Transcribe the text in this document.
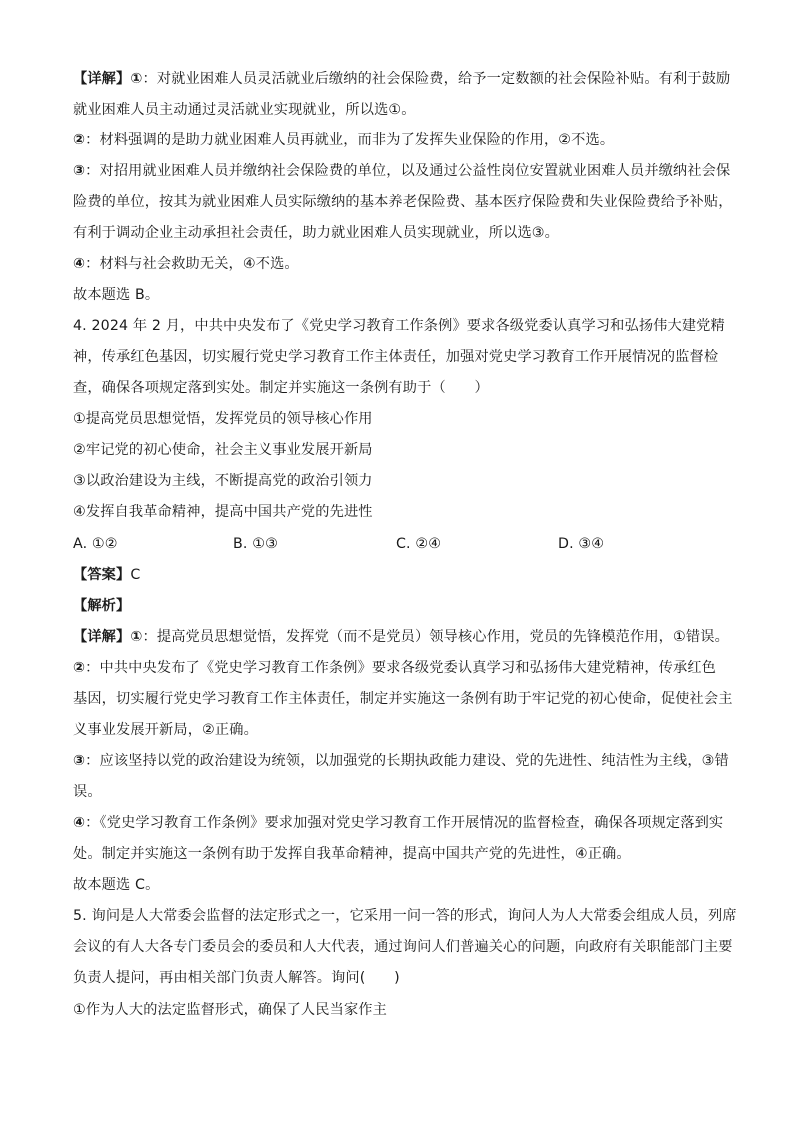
【详解】①：对就业困难人员灵活就业后缴纳的社会保险费，给予一定数额的社会保险补贴。有利于鼓励

就业困难人员主动通过灵活就业实现就业，所以选①。

②：材料强调的是助力就业困难人员再就业，而非为了发挥失业保险的作用，②不选。

③：对招用就业困难人员并缴纳社会保险费的单位，以及通过公益性岗位安置就业困难人员并缴纳社会保

险费的单位，按其为就业困难人员实际缴纳的基本养老保险费、基本医疗保险费和失业保险费给予补贴，

有利于调动企业主动承担社会责任，助力就业困难人员实现就业，所以选③。

④：材料与社会救助无关，④不选。

故本题选 B。

4. 2024 年 2 月，中共中央发布了《党史学习教育工作条例》要求各级党委认真学习和弘扬伟大建党精

神，传承红色基因，切实履行党史学习教育工作主体责任，加强对党史学习教育工作开展情况的监督检

查，确保各项规定落到实处。制定并实施这一条例有助于（　　）

①提高党员思想觉悟，发挥党员的领导核心作用

②牢记党的初心使命，社会主义事业发展开新局

③以政治建设为主线，不断提高党的政治引领力

④发挥自我革命精神，提高中国共产党的先进性

A. ①②	B. ①③	C. ②④	D. ③④

【答案】C

【解析】

【详解】①：提高党员思想觉悟，发挥党（而不是党员）领导核心作用，党员的先锋模范作用，①错误。

②：中共中央发布了《党史学习教育工作条例》要求各级党委认真学习和弘扬伟大建党精神，传承红色

基因，切实履行党史学习教育工作主体责任，制定并实施这一条例有助于牢记党的初心使命，促使社会主

义事业发展开新局，②正确。

③：应该坚持以党的政治建设为统领，以加强党的长期执政能力建设、党的先进性、纯洁性为主线，③错

误。

④：《党史学习教育工作条例》要求加强对党史学习教育工作开展情况的监督检查，确保各项规定落到实

处。制定并实施这一条例有助于发挥自我革命精神，提高中国共产党的先进性，④正确。

故本题选 C。

5. 询问是人大常委会监督的法定形式之一，它采用一问一答的形式，询问人为人大常委会组成人员，列席

会议的有人大各专门委员会的委员和人大代表，通过询问人们普遍关心的问题，向政府有关职能部门主要

负责人提问，再由相关部门负责人解答。询问(　　)

①作为人大的法定监督形式，确保了人民当家作主
